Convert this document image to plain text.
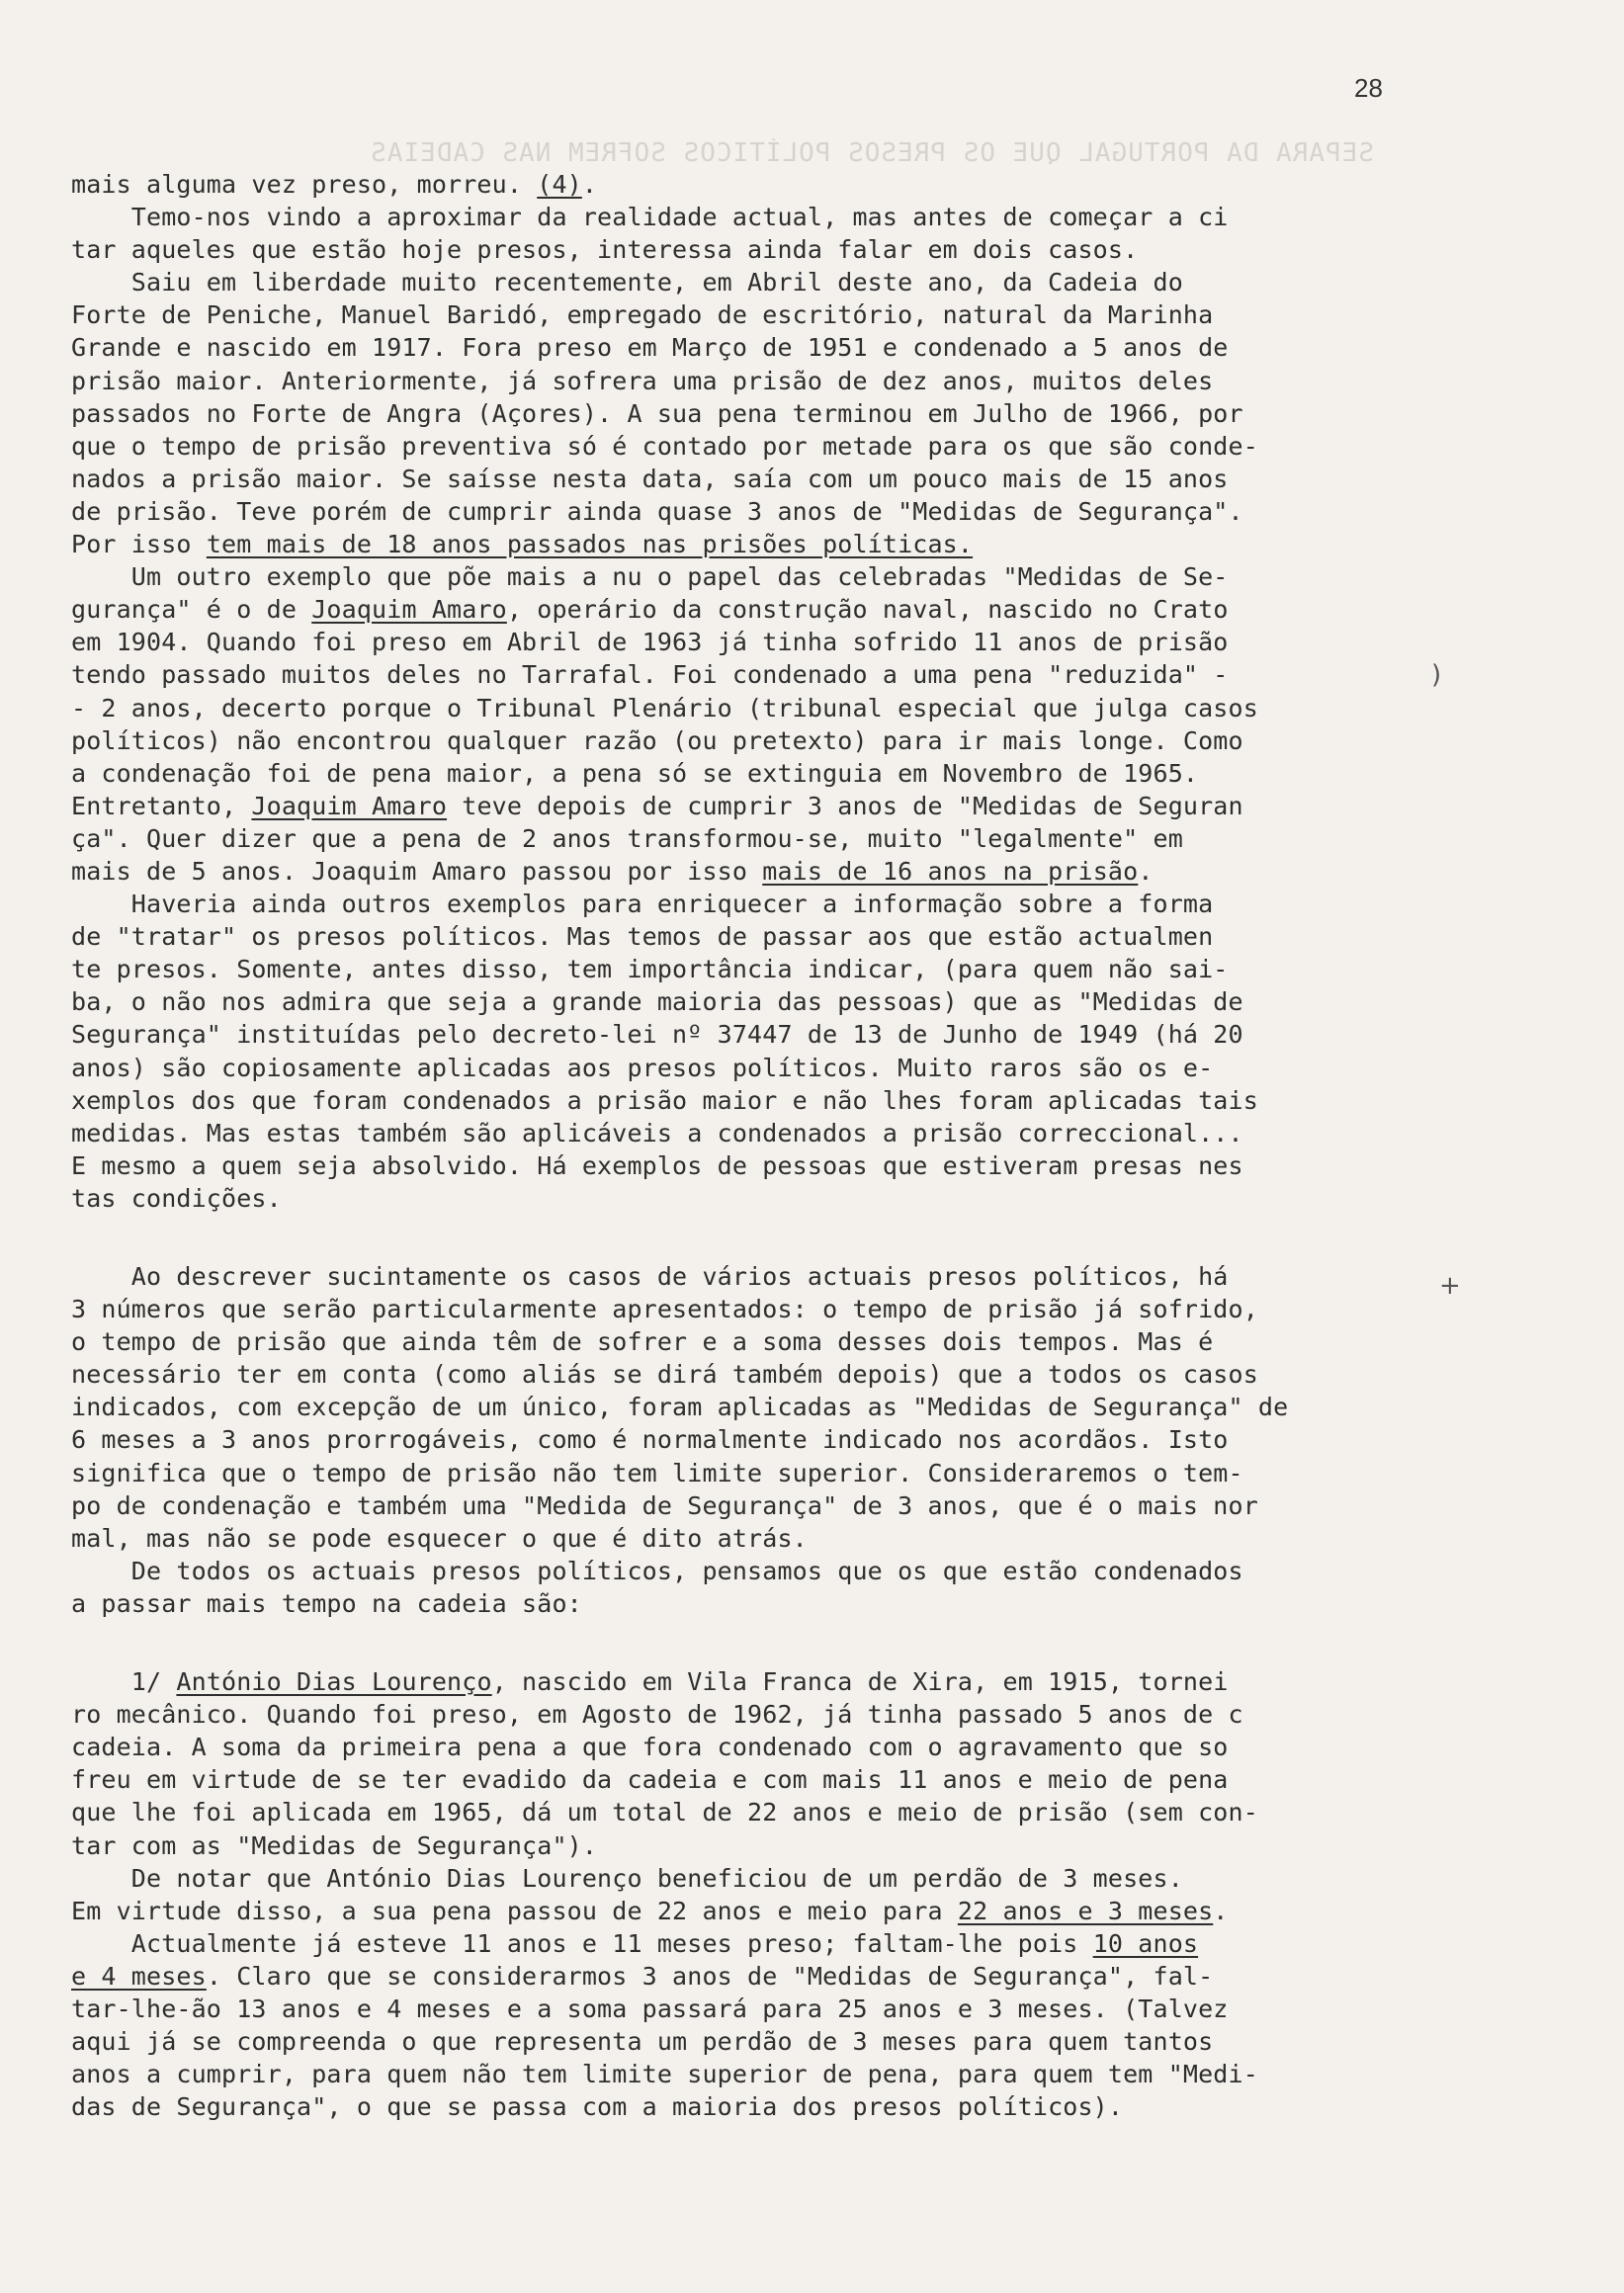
28
SEPARA DA PORTUGAL QUE OS PRESOS POLÍTICOS SOFREM NAS CADEIAS
mais alguma vez preso, morreu. (4).
Temo-nos vindo a aproximar da realidade actual, mas antes de começar a ci
tar aqueles que estão hoje presos, interessa ainda falar em dois casos.
Saiu em liberdade muito recentemente, em Abril deste ano, da Cadeia do
Forte de Peniche, Manuel Baridó, empregado de escritório, natural da Marinha
Grande e nascido em 1917. Fora preso em Março de 1951 e condenado a 5 anos de
prisão maior. Anteriormente, já sofrera uma prisão de dez anos, muitos deles
passados no Forte de Angra (Açores). A sua pena terminou em Julho de 1966, por
que o tempo de prisão preventiva só é contado por metade para os que são conde-
nados a prisão maior. Se saísse nesta data, saía com um pouco mais de 15 anos
de prisão. Teve porém de cumprir ainda quase 3 anos de "Medidas de Segurança".
Por isso tem mais de 18 anos passados nas prisões políticas.
Um outro exemplo que põe mais a nu o papel das celebradas "Medidas de Se-
gurança" é o de Joaquim Amaro, operário da construção naval, nascido no Crato
em 1904. Quando foi preso em Abril de 1963 já tinha sofrido 11 anos de prisão
tendo passado muitos deles no Tarrafal. Foi condenado a uma pena "reduzida" -
- 2 anos, decerto porque o Tribunal Plenário (tribunal especial que julga casos
políticos) não encontrou qualquer razão (ou pretexto) para ir mais longe. Como
a condenação foi de pena maior, a pena só se extinguia em Novembro de 1965.
Entretanto, Joaquim Amaro teve depois de cumprir 3 anos de "Medidas de Seguran
ça". Quer dizer que a pena de 2 anos transformou-se, muito "legalmente" em
mais de 5 anos. Joaquim Amaro passou por isso mais de 16 anos na prisão.
Haveria ainda outros exemplos para enriquecer a informação sobre a forma
de "tratar" os presos políticos. Mas temos de passar aos que estão actualmen
te presos. Somente, antes disso, tem importância indicar, (para quem não sai-
ba, o não nos admira que seja a grande maioria das pessoas) que as "Medidas de
Segurança" instituídas pelo decreto-lei nº 37447 de 13 de Junho de 1949 (há 20
anos) são copiosamente aplicadas aos presos políticos. Muito raros são os e-
xemplos dos que foram condenados a prisão maior e não lhes foram aplicadas tais
medidas. Mas estas também são aplicáveis a condenados a prisão correccional...
E mesmo a quem seja absolvido. Há exemplos de pessoas que estiveram presas nes
tas condições.
Ao descrever sucintamente os casos de vários actuais presos políticos, há
3 números que serão particularmente apresentados: o tempo de prisão já sofrido,
o tempo de prisão que ainda têm de sofrer e a soma desses dois tempos. Mas é
necessário ter em conta (como aliás se dirá também depois) que a todos os casos
indicados, com excepção de um único, foram aplicadas as "Medidas de Segurança" de
6 meses a 3 anos prorrogáveis, como é normalmente indicado nos acordãos. Isto
significa que o tempo de prisão não tem limite superior. Consideraremos o tem-
po de condenação e também uma "Medida de Segurança" de 3 anos, que é o mais nor
mal, mas não se pode esquecer o que é dito atrás.
De todos os actuais presos políticos, pensamos que os que estão condenados
a passar mais tempo na cadeia são:
1/ António Dias Lourenço, nascido em Vila Franca de Xira, em 1915, tornei
ro mecânico. Quando foi preso, em Agosto de 1962, já tinha passado 5 anos de c
cadeia. A soma da primeira pena a que fora condenado com o agravamento que so
freu em virtude de se ter evadido da cadeia e com mais 11 anos e meio de pena
que lhe foi aplicada em 1965, dá um total de 22 anos e meio de prisão (sem con-
tar com as "Medidas de Segurança").
De notar que António Dias Lourenço beneficiou de um perdão de 3 meses.
Em virtude disso, a sua pena passou de 22 anos e meio para 22 anos e 3 meses.
Actualmente já esteve 11 anos e 11 meses preso; faltam-lhe pois 10 anos
e 4 meses. Claro que se considerarmos 3 anos de "Medidas de Segurança", fal-
tar-lhe-ão 13 anos e 4 meses e a soma passará para 25 anos e 3 meses. (Talvez
aqui já se compreenda o que representa um perdão de 3 meses para quem tantos
anos a cumprir, para quem não tem limite superior de pena, para quem tem "Medi-
das de Segurança", o que se passa com a maioria dos presos políticos).
)
+
